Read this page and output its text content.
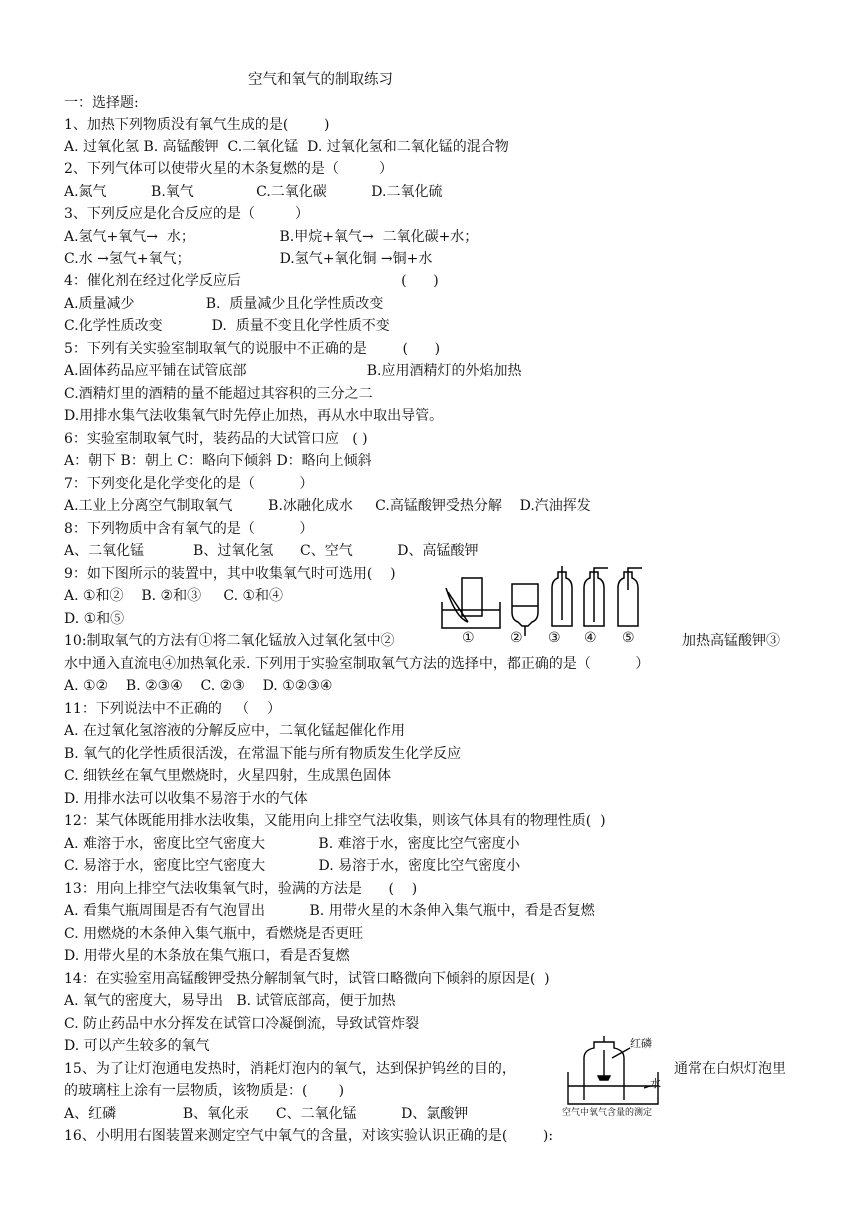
空气和氧气的制取练习
一：选择题:
1、加热下列物质没有氧气生成的是(        )
A. 过氧化氢 B. 高锰酸钾  C.二氧化锰  D. 过氧化氢和二氧化锰的混合物
2、下列气体可以使带火星的木条复燃的是（         ）
A.氮气          B.氧气              C.二氧化碳          D.二氧化硫
3、下列反应是化合反应的是（         ）
A.氢气+氧气→  水；                   B.甲烷+氧气→  二氧化碳+水；
C.水 →氢气+氧气；                    D.氢气+氧化铜 →铜+水
4：催化剂在经过化学反应后                                    (      )
A.质量减少                B.  质量减少且化学性质改变
C.化学性质改变           D.  质量不变且化学性质不变
5：下列有关实验室制取氧气的说服中不正确的是        (      )
A.固体药品应平铺在试管底部                           B.应用酒精灯的外焰加热
C.酒精灯里的酒精的量不能超过其容积的三分之二
D.用排水集气法收集氧气时先停止加热，再从水中取出导管。
6：实验室制取氧气时，装药品的大试管口应   ( )
A：朝下 B：朝上 C：略向下倾斜 D：略向上倾斜
7：下列变化是化学变化的是（          ）
A.工业上分离空气制取氧气        B.冰融化成水     C.高锰酸钾受热分解    D.汽油挥发
8：下列物质中含有氧气的是（          ）
A、二氧化锰           B、过氧化氢      C、空气          D、高锰酸钾
9：如下图所示的装置中，其中收集氧气时可选用(    )
A. ①和②    B. ②和③     C. ①和④
D. ①和⑤
10:制取氧气的方法有①将二氧化锰放入过氧化氢中②	加热高锰酸钾③
水中通入直流电④加热氧化汞. 下列用于实验室制取氧气方法的选择中，都正确的是（          ）
A. ①②    B. ②③④    C. ②③    D. ①②③④
11：下列说法中不正确的   （    ）
A. 在过氧化氢溶液的分解反应中，二氧化锰起催化作用
B. 氧气的化学性质很活泼，在常温下能与所有物质发生化学反应
C. 细铁丝在氧气里燃烧时，火星四射，生成黑色固体
D. 用排水法可以收集不易溶于水的气体
12：某气体既能用排水法收集，又能用向上排空气法收集，则该气体具有的物理性质(  )
A. 难溶于水，密度比空气密度大            B. 难溶于水，密度比空气密度小
C. 易溶于水，密度比空气密度大            D. 易溶于水，密度比空气密度小
13：用向上排空气法收集氧气时，验满的方法是      (    )
A. 看集气瓶周围是否有气泡冒出          B. 用带火星的木条伸入集气瓶中，看是否复燃
C. 用燃烧的木条伸入集气瓶中，看燃烧是否更旺
D. 用带火星的木条放在集气瓶口，看是否复燃
14：在实验室用高锰酸钾受热分解制氧气时，试管口略微向下倾斜的原因是(  )
A. 氧气的密度大，易导出   B. 试管底部高，便于加热
C. 防止药品中水分挥发在试管口冷凝倒流，导致试管炸裂
D. 可以产生较多的氧气
15、为了让灯泡通电发热时，消耗灯泡内的氧气，达到保护钨丝的目的，	通常在白炽灯泡里
的玻璃柱上涂有一层物质，该物质是：(       )
A、红磷               B、氧化汞      C、二氧化锰          D、氯酸钾
16、小明用右图装置来测定空气中氧气的含量，对该实验认识正确的是(        ):
①	② ③ ④ ⑤
红磷
水
空气中氧气含量的测定
